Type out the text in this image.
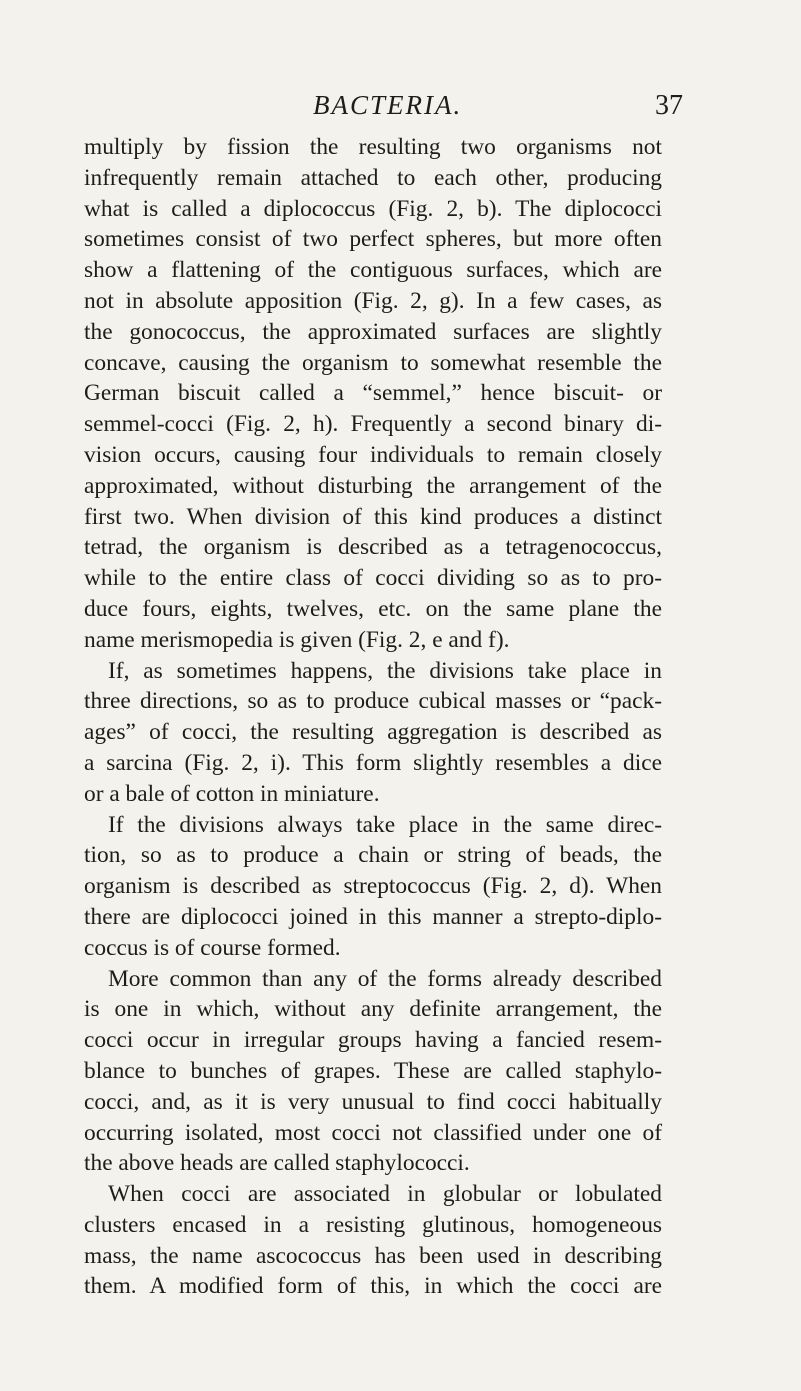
BACTERIA.	37
multiply by fission the resulting two organisms not
infrequently remain attached to each other, producing
what is called a diplococcus (Fig. 2, b). The diplococci
sometimes consist of two perfect spheres, but more often
show a flattening of the contiguous surfaces, which are
not in absolute apposition (Fig. 2, g). In a few cases, as
the gonococcus, the approximated surfaces are slightly
concave, causing the organism to somewhat resemble the
German biscuit called a “semmel,” hence biscuit- or
semmel-cocci (Fig. 2, h). Frequently a second binary di-
vision occurs, causing four individuals to remain closely
approximated, without disturbing the arrangement of the
first two. When division of this kind produces a distinct
tetrad, the organism is described as a tetragenococcus,
while to the entire class of cocci dividing so as to pro-
duce fours, eights, twelves, etc. on the same plane the
name merismopedia is given (Fig. 2, e and f).
If, as sometimes happens, the divisions take place in
three directions, so as to produce cubical masses or “pack-
ages” of cocci, the resulting aggregation is described as
a sarcina (Fig. 2, i). This form slightly resembles a dice
or a bale of cotton in miniature.
If the divisions always take place in the same direc-
tion, so as to produce a chain or string of beads, the
organism is described as streptococcus (Fig. 2, d). When
there are diplococci joined in this manner a strepto-diplo-
coccus is of course formed.
More common than any of the forms already described
is one in which, without any definite arrangement, the
cocci occur in irregular groups having a fancied resem-
blance to bunches of grapes. These are called staphylo-
cocci, and, as it is very unusual to find cocci habitually
occurring isolated, most cocci not classified under one of
the above heads are called staphylococci.
When cocci are associated in globular or lobulated
clusters encased in a resisting glutinous, homogeneous
mass, the name ascococcus has been used in describing
them. A modified form of this, in which the cocci are
